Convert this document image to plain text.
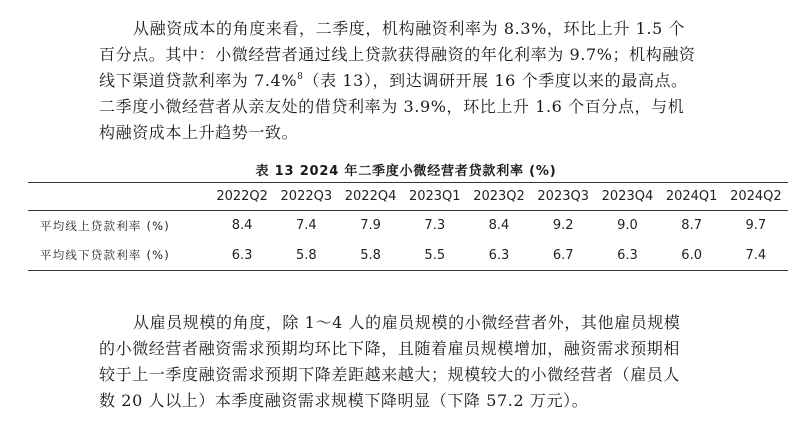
从融资成本的角度来看，二季度，机构融资利率为 8.3%，环比上升 1.5 个
百分点。其中：小微经营者通过线上贷款获得融资的年化利率为 9.7%；机构融资
线下渠道贷款利率为 7.4%$^8$（表 13），到达调研开展 16 个季度以来的最高点。
二季度小微经营者从亲友处的借贷利率为 3.9%，环比上升 1.6 个百分点，与机
构融资成本上升趋势一致。
表 13 2024 年二季度小微经营者贷款利率 (%)
	2022Q2	2022Q3	2022Q4	2023Q1	2023Q2	2023Q3	2023Q4	2024Q1	2024Q2
平均线上贷款利率 (%)	8.4	7.4	7.9	7.3	8.4	9.2	9.0	8.7	9.7
平均线下贷款利率 (%)	6.3	5.8	5.8	5.5	6.3	6.7	6.3	6.0	7.4
从雇员规模的角度，除 1～4 人的雇员规模的小微经营者外，其他雇员规模
的小微经营者融资需求预期均环比下降，且随着雇员规模增加，融资需求预期相
较于上一季度融资需求预期下降差距越来越大；规模较大的小微经营者（雇员人
数 20 人以上）本季度融资需求规模下降明显（下降 57.2 万元）。
